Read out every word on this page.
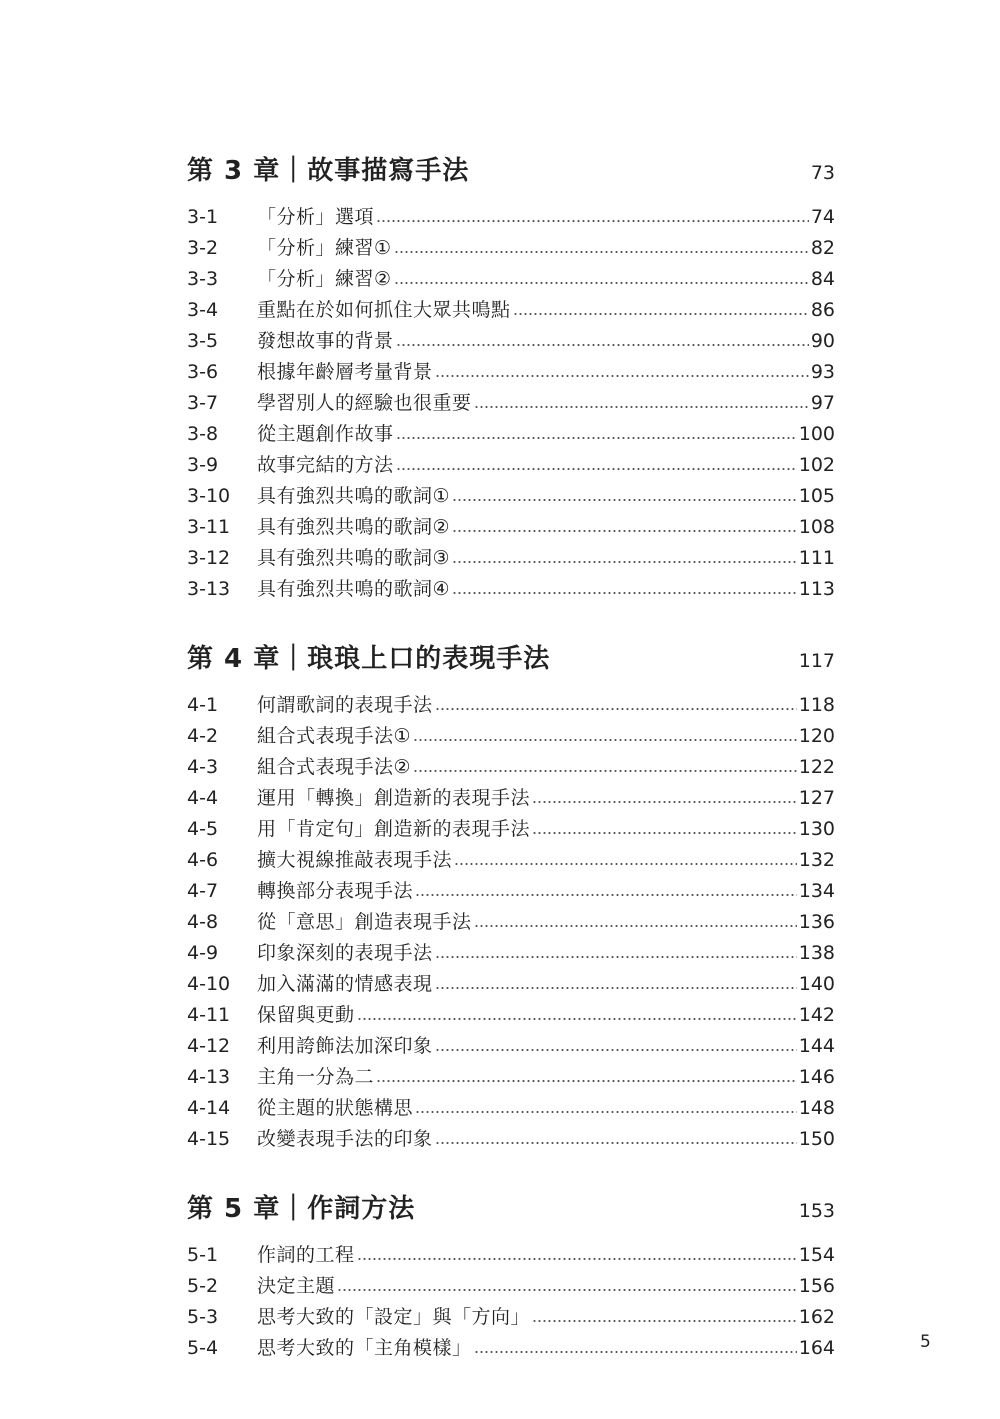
第 3 章｜故事描寫手法	73
3-1	「分析」選項	74
3-2	「分析」練習①	82
3-3	「分析」練習②	84
3-4	重點在於如何抓住大眾共鳴點	86
3-5	發想故事的背景	90
3-6	根據年齡層考量背景	93
3-7	學習別人的經驗也很重要	97
3-8	從主題創作故事	100
3-9	故事完結的方法	102
3-10	具有強烈共鳴的歌詞①	105
3-11	具有強烈共鳴的歌詞②	108
3-12	具有強烈共鳴的歌詞③	111
3-13	具有強烈共鳴的歌詞④	113
第 4 章｜琅琅上口的表現手法	117
4-1	何謂歌詞的表現手法	118
4-2	組合式表現手法①	120
4-3	組合式表現手法②	122
4-4	運用「轉換」創造新的表現手法	127
4-5	用「肯定句」創造新的表現手法	130
4-6	擴大視線推敲表現手法	132
4-7	轉換部分表現手法	134
4-8	從「意思」創造表現手法	136
4-9	印象深刻的表現手法	138
4-10	加入滿滿的情感表現	140
4-11	保留與更動	142
4-12	利用誇飾法加深印象	144
4-13	主角一分為二	146
4-14	從主題的狀態構思	148
4-15	改變表現手法的印象	150
第 5 章｜作詞方法	153
5-1	作詞的工程	154
5-2	決定主題	156
5-3	思考大致的「設定」與「方向」	162
5-4	思考大致的「主角模樣」	164	5
